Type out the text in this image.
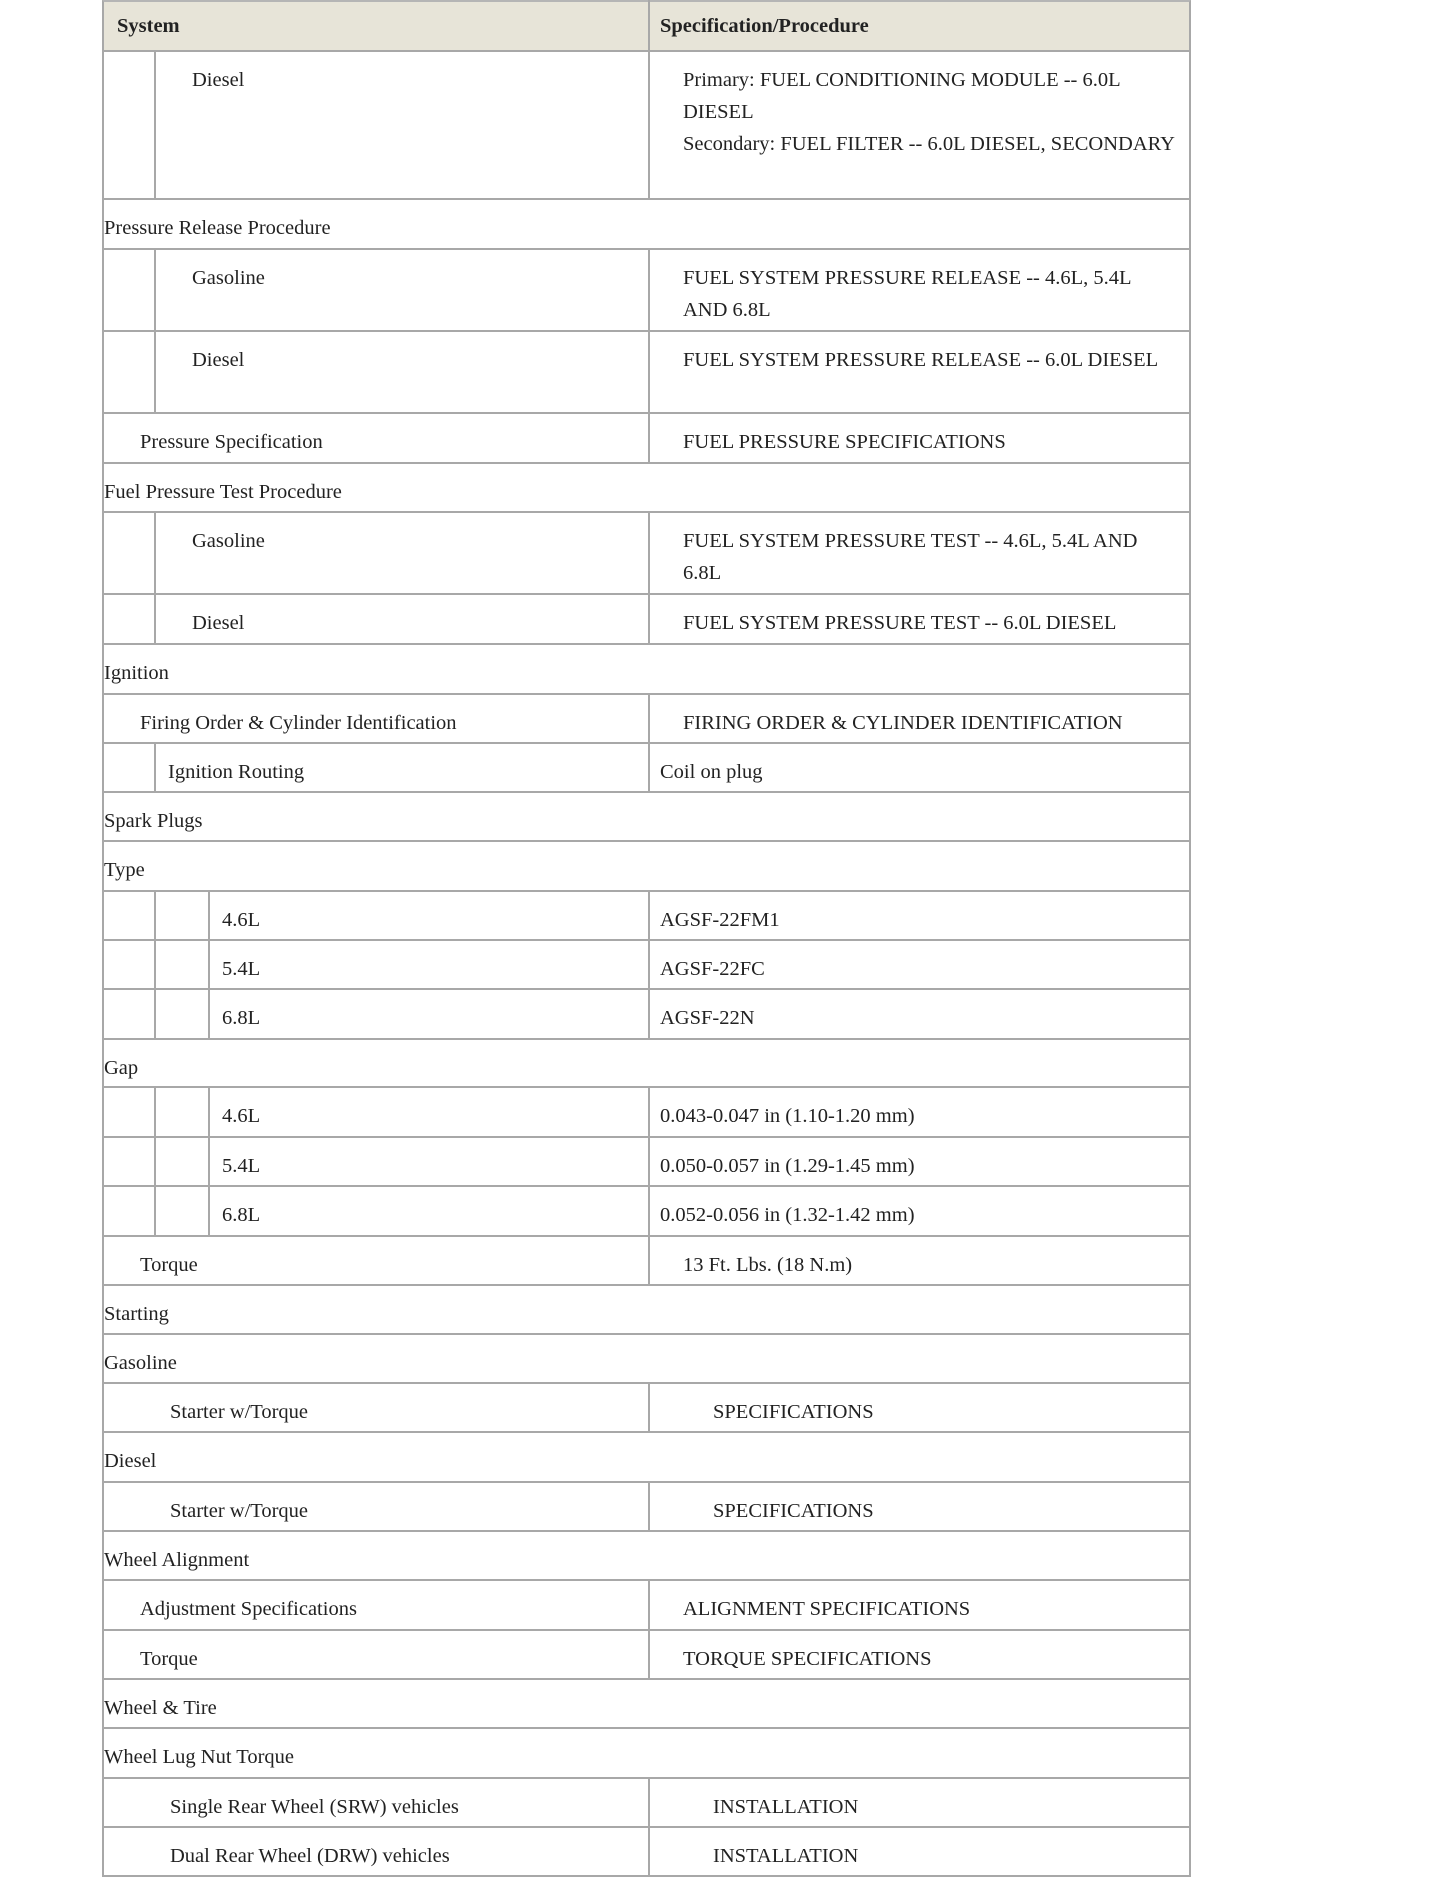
System	Specification/Procedure
Diesel	Primary: FUEL CONDITIONING MODULE -- 6.0L DIESEL
Secondary: FUEL FILTER -- 6.0L DIESEL, SECONDARY
Pressure Release Procedure
Gasoline	FUEL SYSTEM PRESSURE RELEASE -- 4.6L, 5.4L AND 6.8L
Diesel	FUEL SYSTEM PRESSURE RELEASE -- 6.0L DIESEL
Pressure Specification	FUEL PRESSURE SPECIFICATIONS
Fuel Pressure Test Procedure
Gasoline	FUEL SYSTEM PRESSURE TEST -- 4.6L, 5.4L AND 6.8L
Diesel	FUEL SYSTEM PRESSURE TEST -- 6.0L DIESEL
Ignition
Firing Order & Cylinder Identification	FIRING ORDER & CYLINDER IDENTIFICATION
Ignition Routing	Coil on plug
Spark Plugs
Type
4.6L	AGSF-22FM1
5.4L	AGSF-22FC
6.8L	AGSF-22N
Gap
4.6L	0.043-0.047 in (1.10-1.20 mm)
5.4L	0.050-0.057 in (1.29-1.45 mm)
6.8L	0.052-0.056 in (1.32-1.42 mm)
Torque	13 Ft. Lbs. (18 N.m)
Starting
Gasoline
Starter w/Torque	SPECIFICATIONS
Diesel
Starter w/Torque	SPECIFICATIONS
Wheel Alignment
Adjustment Specifications	ALIGNMENT SPECIFICATIONS
Torque	TORQUE SPECIFICATIONS
Wheel & Tire
Wheel Lug Nut Torque
Single Rear Wheel (SRW) vehicles	INSTALLATION
Dual Rear Wheel (DRW) vehicles	INSTALLATION
